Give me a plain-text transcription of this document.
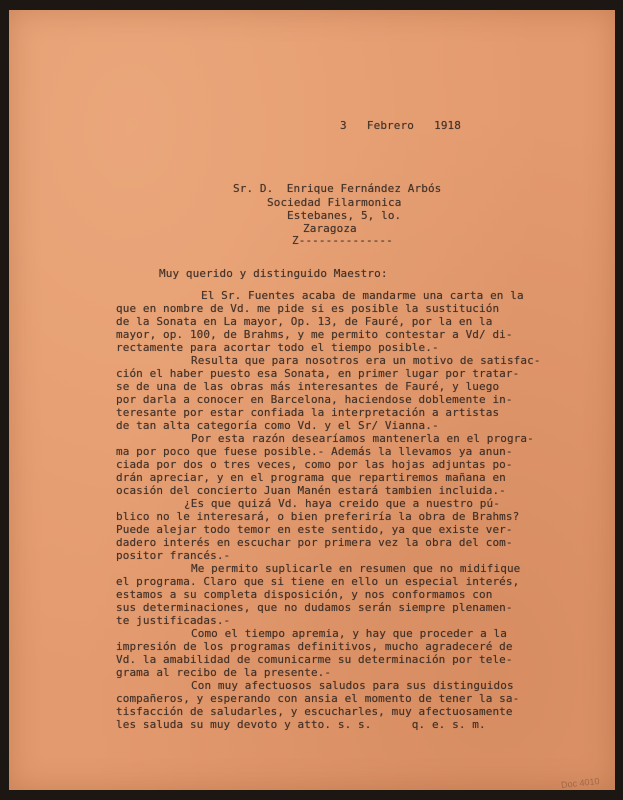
3   Febrero   1918
Sr. D.  Enrique Fernández Arbós
Sociedad Filarmonica
Estebanes, 5, lo.
Zaragoza
Z--------------
Muy querido y distinguido Maestro:
El Sr. Fuentes acaba de mandarme una carta en la
que en nombre de Vd. me pide si es posible la sustitución
de la Sonata en La mayor, Op. 13, de Fauré, por la en la
mayor, op. 100, de Brahms, y me permito contestar a Vd/ di-
rectamente para acortar todo el tiempo posible.-
Resulta que para nosotros era un motivo de satisfac-
ción el haber puesto esa Sonata, en primer lugar por tratar-
se de una de las obras más interesantes de Fauré, y luego
por darla a conocer en Barcelona, haciendose doblemente in-
teresante por estar confiada la interpretación a artistas
de tan alta categoría como Vd. y el Sr/ Vianna.-
Por esta razón desearíamos mantenerla en el progra-
ma por poco que fuese posible.- Además la llevamos ya anun-
ciada por dos o tres veces, como por las hojas adjuntas po-
drán apreciar, y en el programa que repartiremos mañana en
ocasión del concierto Juan Manén estará tambien incluida.-
¿Es que quizá Vd. haya creido que a nuestro pú-
blico no le interesará, o bien preferiría la obra de Brahms?
Puede alejar todo temor en este sentido, ya que existe ver-
dadero interés en escuchar por primera vez la obra del com-
positor francés.-
Me permito suplicarle en resumen que no midifique
el programa. Claro que si tiene en ello un especial interés,
estamos a su completa disposición, y nos conformamos con
sus determinaciones, que no dudamos serán siempre plenamen-
te justificadas.-
Como el tiempo apremia, y hay que proceder a la
impresión de los programas definitivos, mucho agradeceré de
Vd. la amabilidad de comunicarme su determinación por tele-
grama al recibo de la presente.-
Con muy afectuosos saludos para sus distinguidos
compañeros, y esperando con ansia el momento de tener la sa-
tisfacción de saludarles, y escucharles, muy afectuosamente
les saluda su muy devoto y atto. s. s.      q. e. s. m.
Doc 4010
